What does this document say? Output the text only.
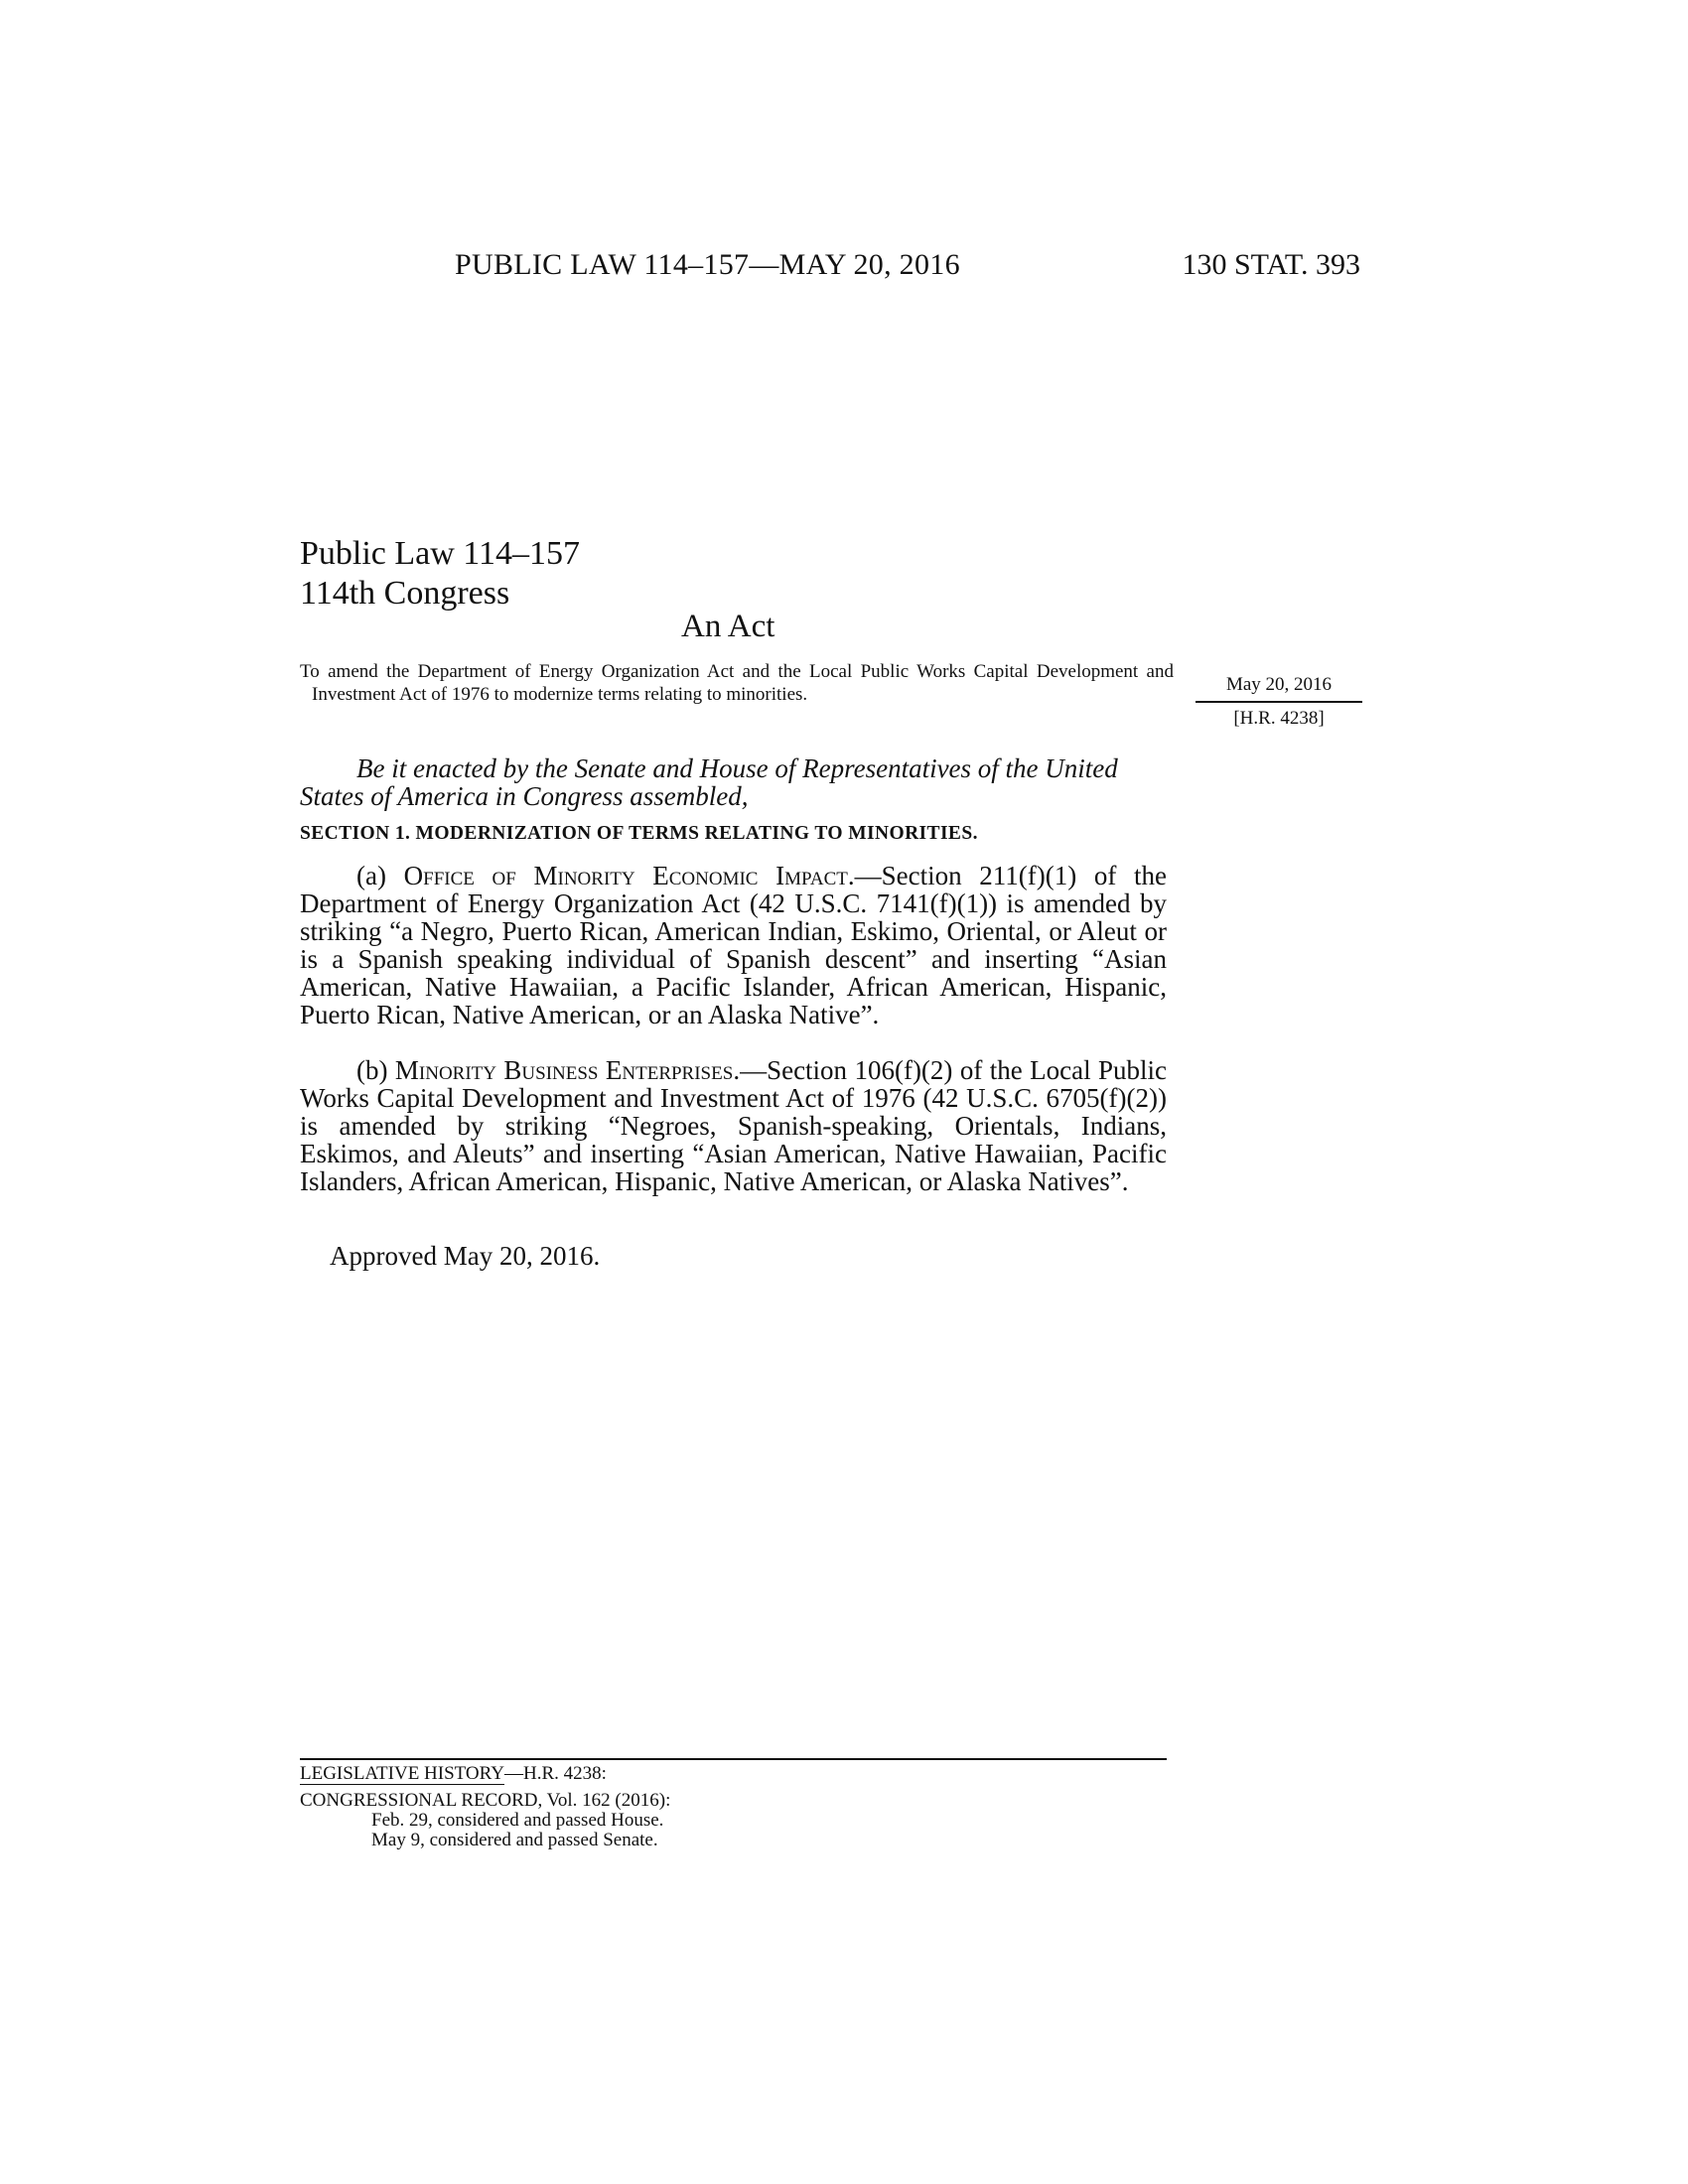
PUBLIC LAW 114–157—MAY 20, 2016	130 STAT. 393
Public Law 114–157
114th Congress
An Act

To amend the Department of Energy Organization Act and the Local Public Works Capital Development and Investment Act of 1976 to modernize terms relating to minorities.	May 20, 2016
[H.R. 4238]

Be it enacted by the Senate and House of Representatives of the United States of America in Congress assembled,

SECTION 1. MODERNIZATION OF TERMS RELATING TO MINORITIES.

(a) Office of Minority Economic Impact.—Section 211(f)(1) of the Department of Energy Organization Act (42 U.S.C. 7141(f)(1)) is amended by striking “a Negro, Puerto Rican, American Indian, Eskimo, Oriental, or Aleut or is a Spanish speaking individual of Spanish descent” and inserting “Asian American, Native Hawaiian, a Pacific Islander, African American, Hispanic, Puerto Rican, Native American, or an Alaska Native”.

(b) Minority Business Enterprises.—Section 106(f)(2) of the Local Public Works Capital Development and Investment Act of 1976 (42 U.S.C. 6705(f)(2)) is amended by striking “Negroes, Spanish-speaking, Orientals, Indians, Eskimos, and Aleuts” and inserting “Asian American, Native Hawaiian, Pacific Islanders, African American, Hispanic, Native American, or Alaska Natives”.

Approved May 20, 2016.
LEGISLATIVE HISTORY—H.R. 4238:
CONGRESSIONAL RECORD, Vol. 162 (2016):
Feb. 29, considered and passed House.
May 9, considered and passed Senate.
